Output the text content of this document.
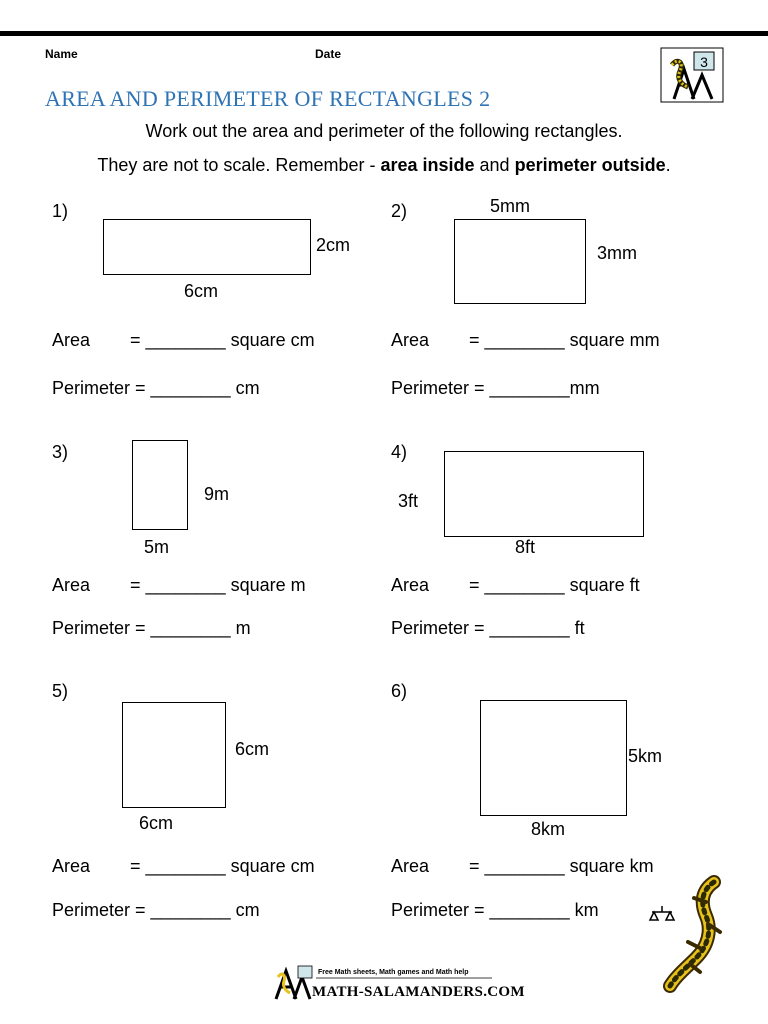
Name	Date	3
AREA AND PERIMETER OF RECTANGLES 2
Work out the area and perimeter of the following rectangles.
They are not to scale. Remember - area inside and perimeter outside.
1)
2cm
6cm
Area        = ________ square cm
Perimeter = ________ cm
2)	5mm
3mm
Area        = ________ square mm
Perimeter = ________mm
3)
9m
5m
Area        = ________ square m
Perimeter = ________ m
4)
3ft
8ft
Area        = ________ square ft
Perimeter = ________ ft
5)
6cm
6cm
Area        = ________ square cm
Perimeter = ________ cm
6)
5km
8km
Area        = ________ square km
Perimeter = ________ km
Free Math sheets, Math games and Math help
MATH-SALAMANDERS.COM
